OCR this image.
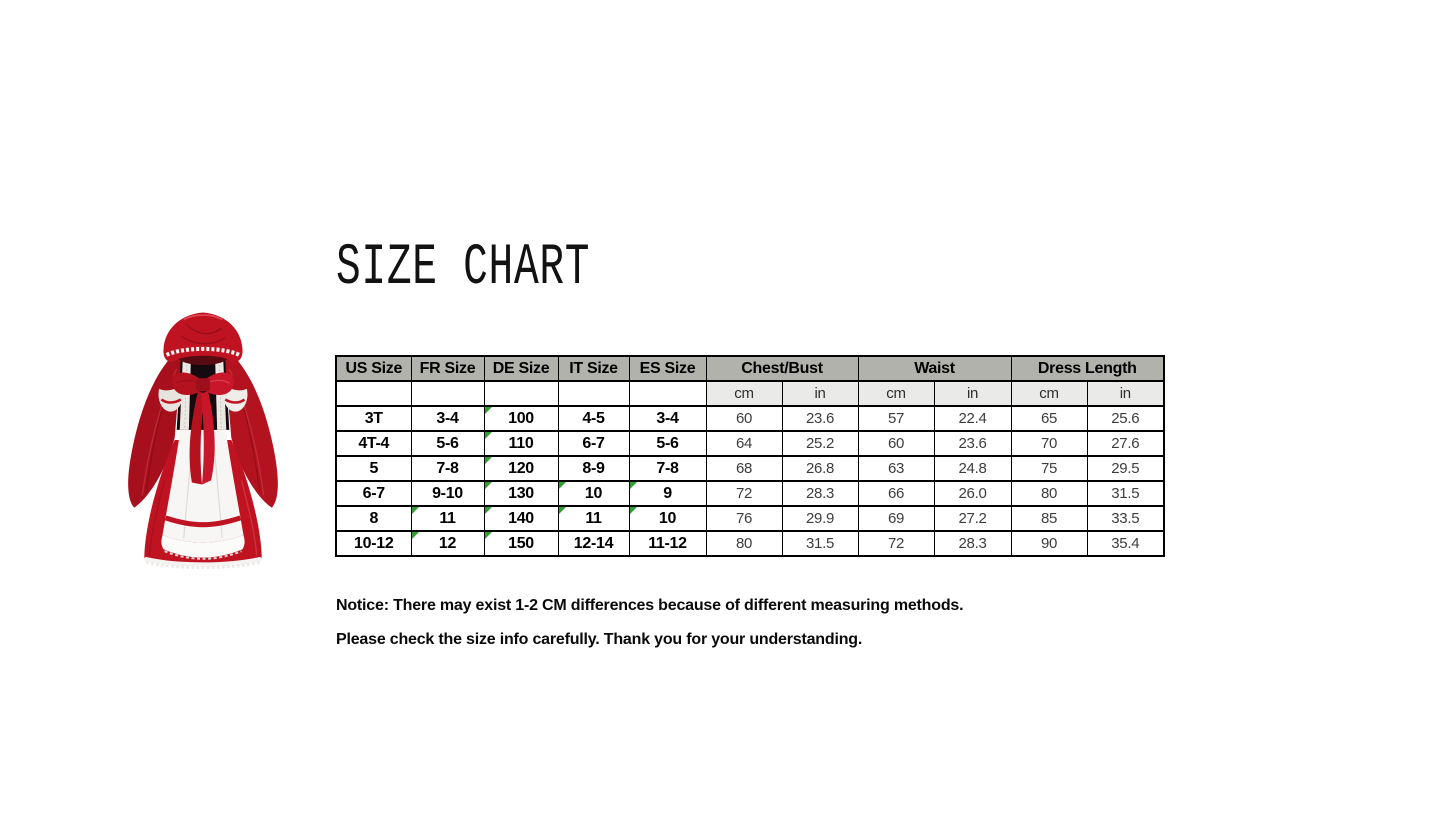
SIZE CHART
US Size	FR Size	DE Size	IT Size	ES Size	Chest/Bust		Waist		Dress Length	
					cm	in	cm	in	cm	in
3T	3-4	100	4-5	3-4	60	23.6	57	22.4	65	25.6
4T-4	5-6	110	6-7	5-6	64	25.2	60	23.6	70	27.6
5	7-8	120	8-9	7-8	68	26.8	63	24.8	75	29.5
6-7	9-10	130	10	9	72	28.3	66	26.0	80	31.5
8	11	140	11	10	76	29.9	69	27.2	85	33.5
10-12	12	150	12-14	11-12	80	31.5	72	28.3	90	35.4

Notice: There may exist 1-2 CM differences because of different measuring methods.

Please check the size info carefully. Thank you for your understanding.
